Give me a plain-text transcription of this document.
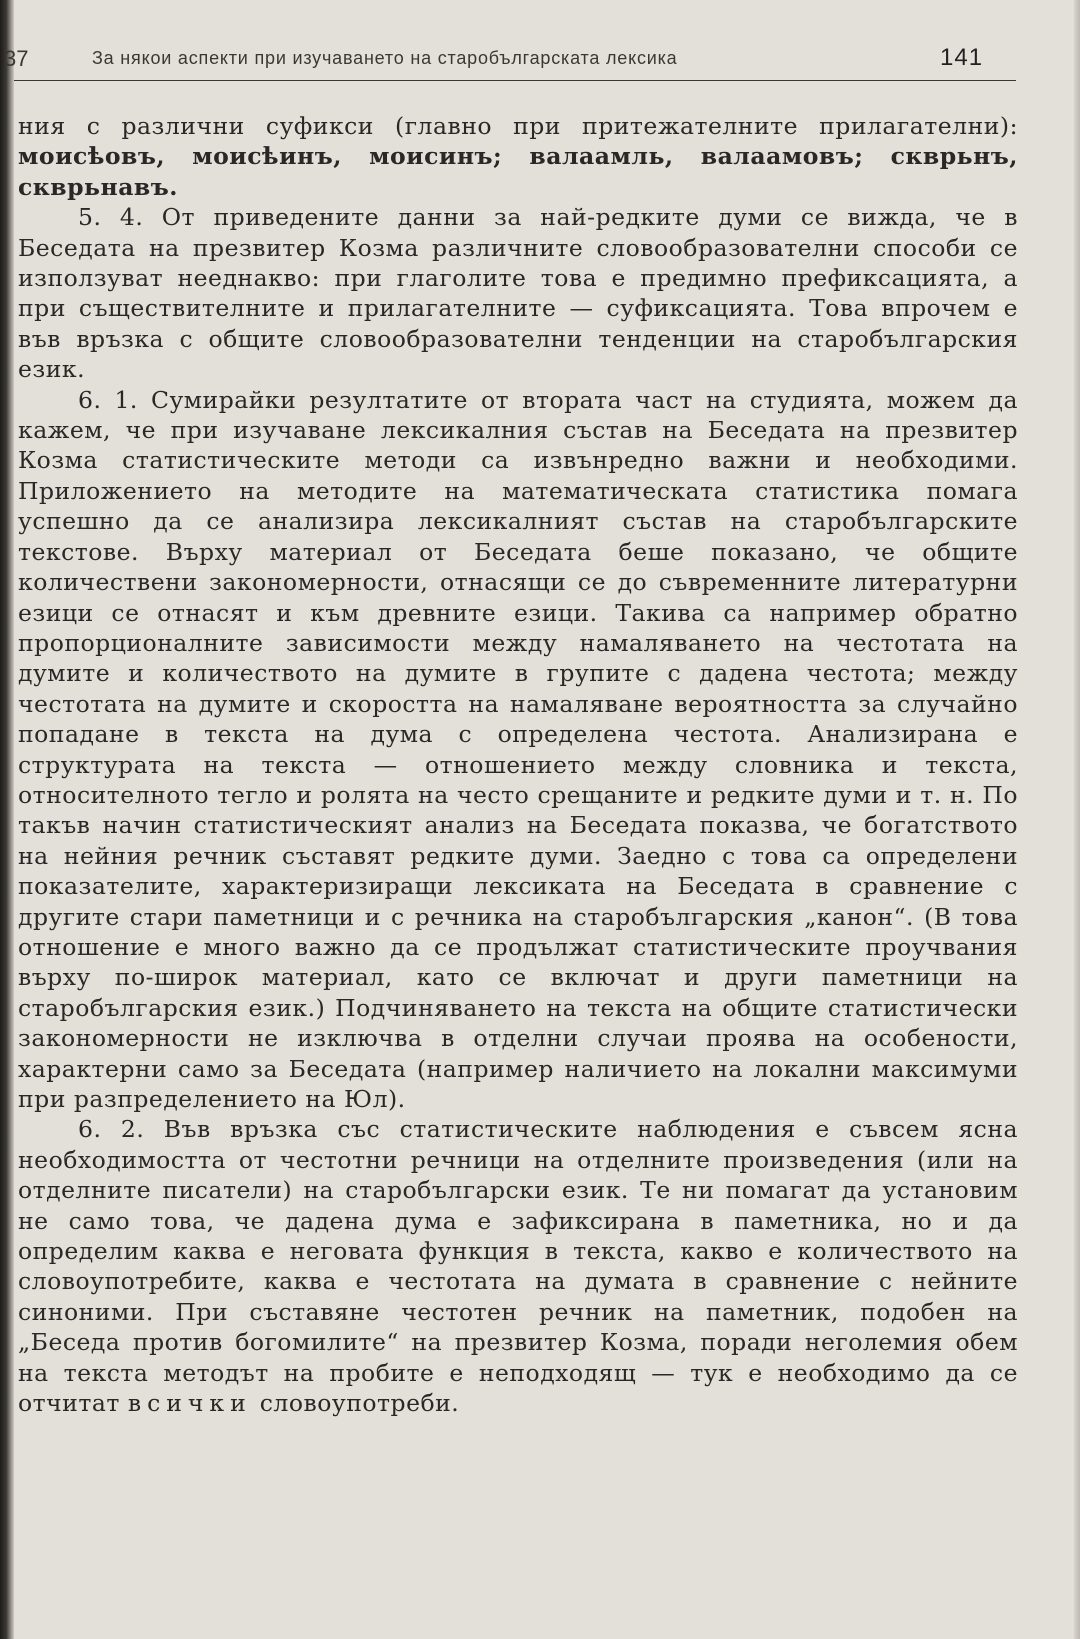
37	За някои аспекти при изучаването на старобългарската лексика	141

ния с различни суфикси (главно при притежателните прилагателни): моисѣовъ, моисѣинъ, моисинъ; валаамль, валаамовъ; скврьнъ, скврьнавъ.

5. 4. От приведените данни за най-редките думи се вижда, че в Беседата на презвитер Козма различните словообразователни способи се използуват нееднакво: при глаголите това е предимно префиксацията, а при съществителните и прилагателните — суфиксацията. Това впрочем е във връзка с общите словообразователни тенденции на старобългарския език.

6. 1. Сумирайки резултатите от втората част на студията, можем да кажем, че при изучаване лексикалния състав на Беседата на презвитер Козма статистическите методи са извънредно важни и необходими. Приложението на методите на математическата статистика помага успешно да се анализира лексикалният състав на старобългарските текстове. Върху материал от Беседата беше показано, че общите количествени закономерности, отнасящи се до съвременните литературни езици се отнасят и към древните езици. Такива са например обратно пропорционалните зависимости между намаляването на честотата на думите и количеството на думите в групите с дадена честота; между честотата на думите и скоростта на намаляване вероятността за случайно попадане в текста на дума с определена честота. Анализирана е структурата на текста — отношението между словника и текста, относителното тегло и ролята на често срещаните и редките думи и т. н. По такъв начин статистическият анализ на Беседата показва, че богатството на нейния речник съставят редките думи. Заедно с това са определени показателите, характеризиращи лексиката на Беседата в сравнение с другите стари паметници и с речника на старобългарския „канон“. (В това отношение е много важно да се продължат статистическите проучвания върху по-широк материал, като се включат и други паметници на старобългарския език.) Подчиняването на текста на общите статистически закономерности не изключва в отделни случаи проява на особености, характерни само за Беседата (например наличието на локални максимуми при разпределението на Юл).

6. 2. Във връзка със статистическите наблюдения е съвсем ясна необходимостта от честотни речници на отделните произведения (или на отделните писатели) на старобългарски език. Те ни помагат да установим не само това, че дадена дума е зафиксирана в паметника, но и да определим каква е неговата функция в текста, какво е количеството на словоупотребите, каква е честотата на думата в сравнение с нейните синоними. При съставяне честотен речник на паметник, подобен на „Беседа против богомилите“ на презвитер Козма, поради неголемия обем на текста методът на пробите е неподходящ — тук е необходимо да се отчитат всички словоупотреби.
